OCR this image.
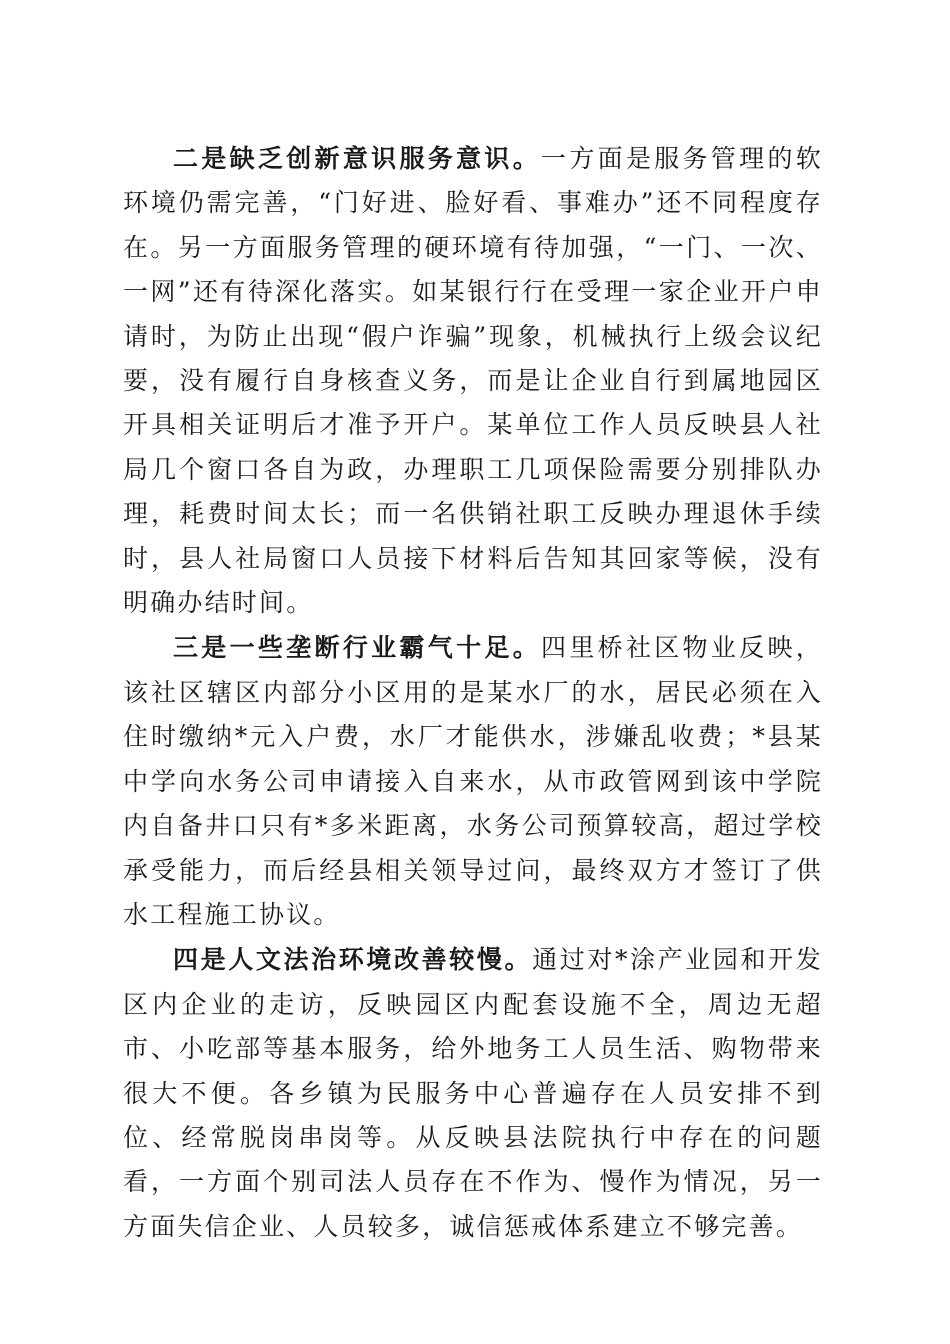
二是缺乏创新意识服务意识。一方面是服务管理的软环境仍需完善，“门好进、脸好看、事难办”还不同程度存在。另一方面服务管理的硬环境有待加强，“一门、一次、一网”还有待深化落实。如某银行行在受理一家企业开户申请时，为防止出现“假户诈骗”现象，机械执行上级会议纪要，没有履行自身核查义务，而是让企业自行到属地园区开具相关证明后才准予开户。某单位工作人员反映县人社局几个窗口各自为政，办理职工几项保险需要分别排队办理，耗费时间太长；而一名供销社职工反映办理退休手续时，县人社局窗口人员接下材料后告知其回家等候，没有明确办结时间。

三是一些垄断行业霸气十足。四里桥社区物业反映，该社区辖区内部分小区用的是某水厂的水，居民必须在入住时缴纳*元入户费，水厂才能供水，涉嫌乱收费；*县某中学向水务公司申请接入自来水，从市政管网到该中学院内自备井口只有*多米距离，水务公司预算较高，超过学校承受能力，而后经县相关领导过问，最终双方才签订了供水工程施工协议。

四是人文法治环境改善较慢。通过对*涂产业园和开发区内企业的走访，反映园区内配套设施不全，周边无超市、小吃部等基本服务，给外地务工人员生活、购物带来很大不便。各乡镇为民服务中心普遍存在人员安排不到位、经常脱岗串岗等。从反映县法院执行中存在的问题看，一方面个别司法人员存在不作为、慢作为情况，另一方面失信企业、人员较多，诚信惩戒体系建立不够完善。
